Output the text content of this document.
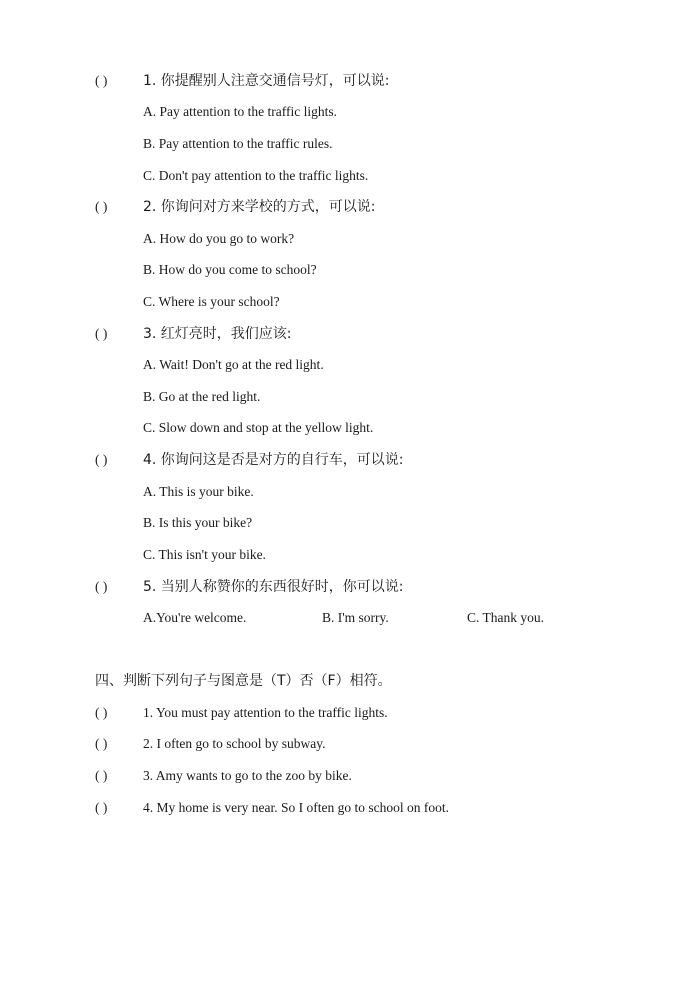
( )	1. 你提醒别人注意交通信号灯，可以说:
A. Pay attention to the traffic lights.
B. Pay attention to the traffic rules.
C. Don't pay attention to the traffic lights.
( )	2. 你询问对方来学校的方式，可以说:
A. How do you go to work?
B. How do you come to school?
C. Where is your school?
( )	3. 红灯亮时，我们应该:
A. Wait! Don't go at the red light.
B. Go at the red light.
C. Slow down and stop at the yellow light.
( )	4. 你询问这是否是对方的自行车，可以说:
A. This is your bike.
B. Is this your bike?
C. This isn't your bike.
( )	5. 当别人称赞你的东西很好时，你可以说:
A.You're welcome.	B. I'm sorry.	C. Thank you.
四、判断下列句子与图意是（T）否（F）相符。
( )	1. You must pay attention to the traffic lights.
( )	2. I often go to school by subway.
( )	3. Amy wants to go to the zoo by bike.
( )	4. My home is very near. So I often go to school on foot.
